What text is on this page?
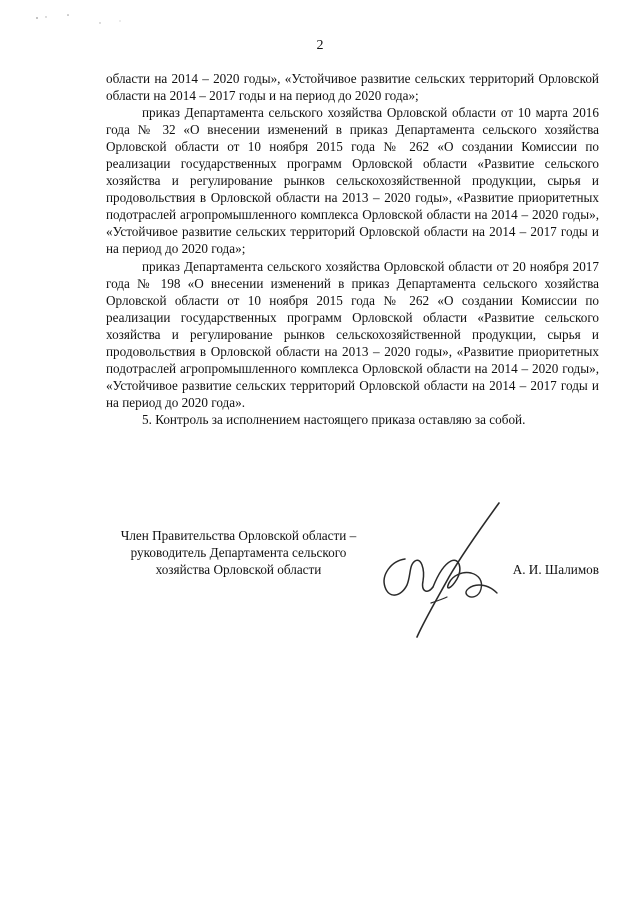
2

области на 2014 – 2020 годы», «Устойчивое развитие сельских территорий Орловской области на 2014 – 2017 годы и на период до 2020 года»;

приказ Департамента сельского хозяйства Орловской области от 10 марта 2016 года № 32 «О внесении изменений в приказ Департамента сельского хозяйства Орловской области от 10 ноября 2015 года № 262 «О создании Комиссии по реализации государственных программ Орловской области «Развитие сельского хозяйства и регулирование рынков сельскохозяйственной продукции, сырья и продовольствия в Орловской области на 2013 – 2020 годы», «Развитие приоритетных подотраслей агропромышленного комплекса Орловской области на 2014 – 2020 годы», «Устойчивое развитие сельских территорий Орловской области на 2014 – 2017 годы и на период до 2020 года»;

приказ Департамента сельского хозяйства Орловской области от 20 ноября 2017 года № 198 «О внесении изменений в приказ Департамента сельского хозяйства Орловской области от 10 ноября 2015 года № 262 «О создании Комиссии по реализации государственных программ Орловской области «Развитие сельского хозяйства и регулирование рынков сельскохозяйственной продукции, сырья и продовольствия в Орловской области на 2013 – 2020 годы», «Развитие приоритетных подотраслей агропромышленного комплекса Орловской области на 2014 – 2020 годы», «Устойчивое развитие сельских территорий Орловской области на 2014 – 2017 годы и на период до 2020 года».

5. Контроль за исполнением настоящего приказа оставляю за собой.

Член Правительства Орловской области –
руководитель Департамента сельского
хозяйства Орловской области	А. И. Шалимов
